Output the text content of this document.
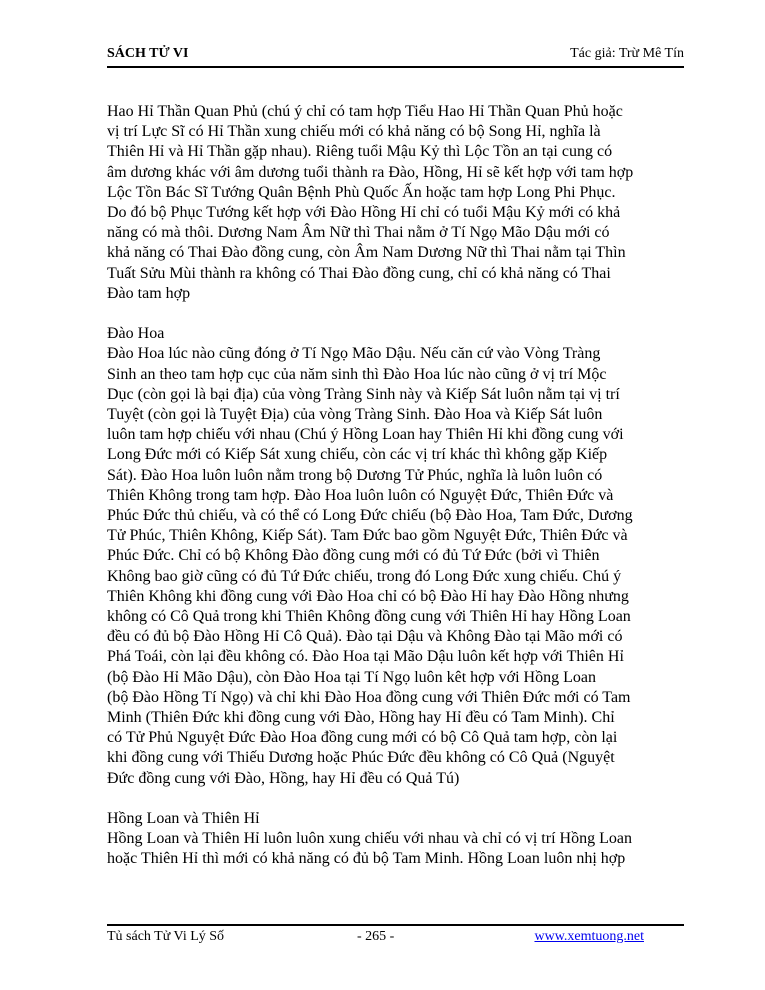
SÁCH TỬ VI	Tác giả: Trừ Mê Tín

Hao Hỉ Thần Quan Phủ (chú ý chỉ có tam hợp Tiểu Hao Hỉ Thần Quan Phủ hoặc
vị trí Lực Sĩ có Hỉ Thần xung chiếu mới có khả năng có bộ Song Hỉ, nghĩa là
Thiên Hỉ và Hỉ Thần gặp nhau). Riêng tuổi Mậu Kỷ thì Lộc Tồn an tại cung có
âm dương khác với âm dương tuổi thành ra Đào, Hồng, Hỉ sẽ kết hợp với tam hợp
Lộc Tồn Bác Sĩ Tướng Quân Bệnh Phù Quốc Ấn hoặc tam hợp Long Phi Phục.
Do đó bộ Phục Tướng kết hợp với Đào Hồng Hỉ chỉ có tuổi Mậu Kỷ mới có khả
năng có mà thôi. Dương Nam Âm Nữ thì Thai nằm ở Tí Ngọ Mão Dậu mới có
khả năng có Thai Đào đồng cung, còn Âm Nam Dương Nữ thì Thai nằm tại Thìn
Tuất Sửu Mùi thành ra không có Thai Đào đồng cung, chỉ có khả năng có Thai
Đào tam hợp

Đào Hoa
Đào Hoa lúc nào cũng đóng ở Tí Ngọ Mão Dậu. Nếu căn cứ vào Vòng Tràng
Sinh an theo tam hợp cục của năm sinh thì Đào Hoa lúc nào cũng ở vị trí Mộc
Dục (còn gọi là bại địa) của vòng Tràng Sinh này và Kiếp Sát luôn nằm tại vị trí
Tuyệt (còn gọi là Tuyệt Địa) của vòng Tràng Sinh. Đào Hoa và Kiếp Sát luôn
luôn tam hợp chiếu với nhau (Chú ý Hồng Loan hay Thiên Hỉ khi đồng cung với
Long Đức mới có Kiếp Sát xung chiếu, còn các vị trí khác thì không gặp Kiếp
Sát). Đào Hoa luôn luôn nằm trong bộ Dương Tử Phúc, nghĩa là luôn luôn có
Thiên Không trong tam hợp. Đào Hoa luôn luôn có Nguyệt Đức, Thiên Đức và
Phúc Đức thủ chiếu, và có thể có Long Đức chiếu (bộ Đào Hoa, Tam Đức, Dương
Tử Phúc, Thiên Không, Kiếp Sát). Tam Đức bao gồm Nguyệt Đức, Thiên Đức và
Phúc Đức. Chỉ có bộ Không Đào đồng cung mới có đủ Tứ Đức (bởi vì Thiên
Không bao giờ cũng có đủ Tứ Đức chiếu, trong đó Long Đức xung chiếu. Chú ý
Thiên Không khi đồng cung với Đào Hoa chỉ có bộ Đào Hỉ hay Đào Hồng nhưng
không có Cô Quả trong khi Thiên Không đồng cung với Thiên Hỉ hay Hồng Loan
đều có đủ bộ Đào Hồng Hỉ Cô Quả). Đào tại Dậu và Không Đào tại Mão mới có
Phá Toái, còn lại đều không có. Đào Hoa tại Mão Dậu luôn kết hợp với Thiên Hỉ
(bộ Đào Hỉ Mão Dậu), còn Đào Hoa tại Tí Ngọ luôn kêt hợp với Hồng Loan
(bộ Đào Hồng Tí Ngọ) và chỉ khi Đào Hoa đồng cung với Thiên Đức mới có Tam
Minh (Thiên Đức khi đồng cung với Đào, Hồng hay Hỉ đều có Tam Minh). Chỉ
có Tử Phủ Nguyệt Đức Đào Hoa đồng cung mới có bộ Cô Quả tam hợp, còn lại
khi đồng cung với Thiếu Dương hoặc Phúc Đức đều không có Cô Quả (Nguyệt
Đức đồng cung với Đào, Hồng, hay Hỉ đều có Quả Tú)

Hồng Loan và Thiên Hỉ
Hồng Loan và Thiên Hỉ luôn luôn xung chiếu với nhau và chỉ có vị trí Hồng Loan
hoặc Thiên Hỉ thì mới có khả năng có đủ bộ Tam Minh. Hồng Loan luôn nhị hợp

Tủ sách Tử Vi Lý Số	- 265 -	www.xemtuong.net
